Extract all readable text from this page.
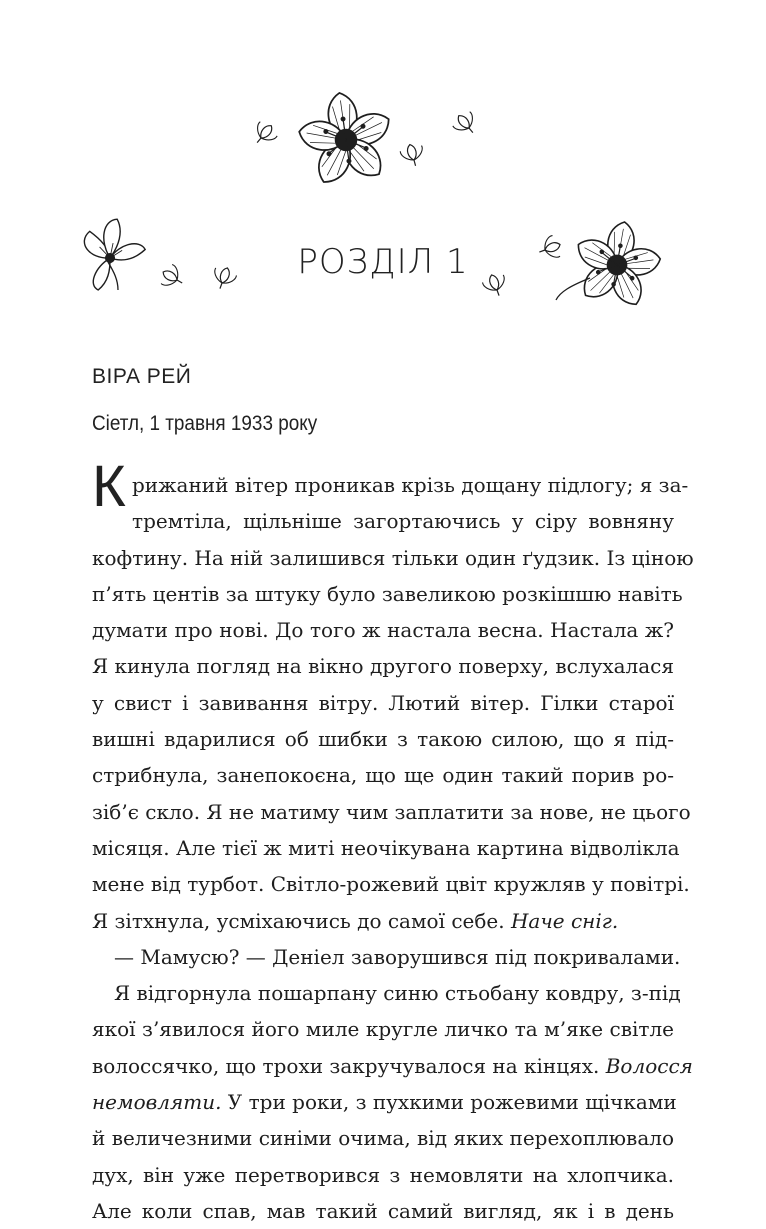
РОЗДІЛ 1

ВІРА РЕЙ

Сіетл, 1 травня 1933 року

К рижаний вітер проникав крізь дощану підлогу; я за-
тремтіла, щільніше загортаючись у сіру вовняну
кофтину. На ній залишився тільки один ґудзик. Із ціною
п’ять центів за штуку було завеликою розкішшю навіть
думати про нові. До того ж настала весна. Настала ж?
Я кинула погляд на вікно другого поверху, вслухалася
у свист і завивання вітру. Лютий вітер. Гілки старої
вишні вдарилися об шибки з такою силою, що я під-
стрибнула, занепокоєна, що ще один такий порив ро-
зіб’є скло. Я не матиму чим заплатити за нове, не цього
місяця. Але тієї ж миті неочікувана картина відволікла
мене від турбот. Світло-рожевий цвіт кружляв у повітрі.
Я зітхнула, усміхаючись до самої себе. Наче сніг.
— Мамусю? — Деніел заворушився під покривалами.
Я відгорнула пошарпану синю стьобану ковдру, з-під
якої з’явилося його миле кругле личко та м’яке світле
волоссячко, що трохи закручувалося на кінцях. Волосся
немовляти. У три роки, з пухкими рожевими щічками
й величезними синіми очима, від яких перехоплювало
дух, він уже перетворився з немовляти на хлопчика.
Але коли спав, мав такий самий вигляд, як і в день
